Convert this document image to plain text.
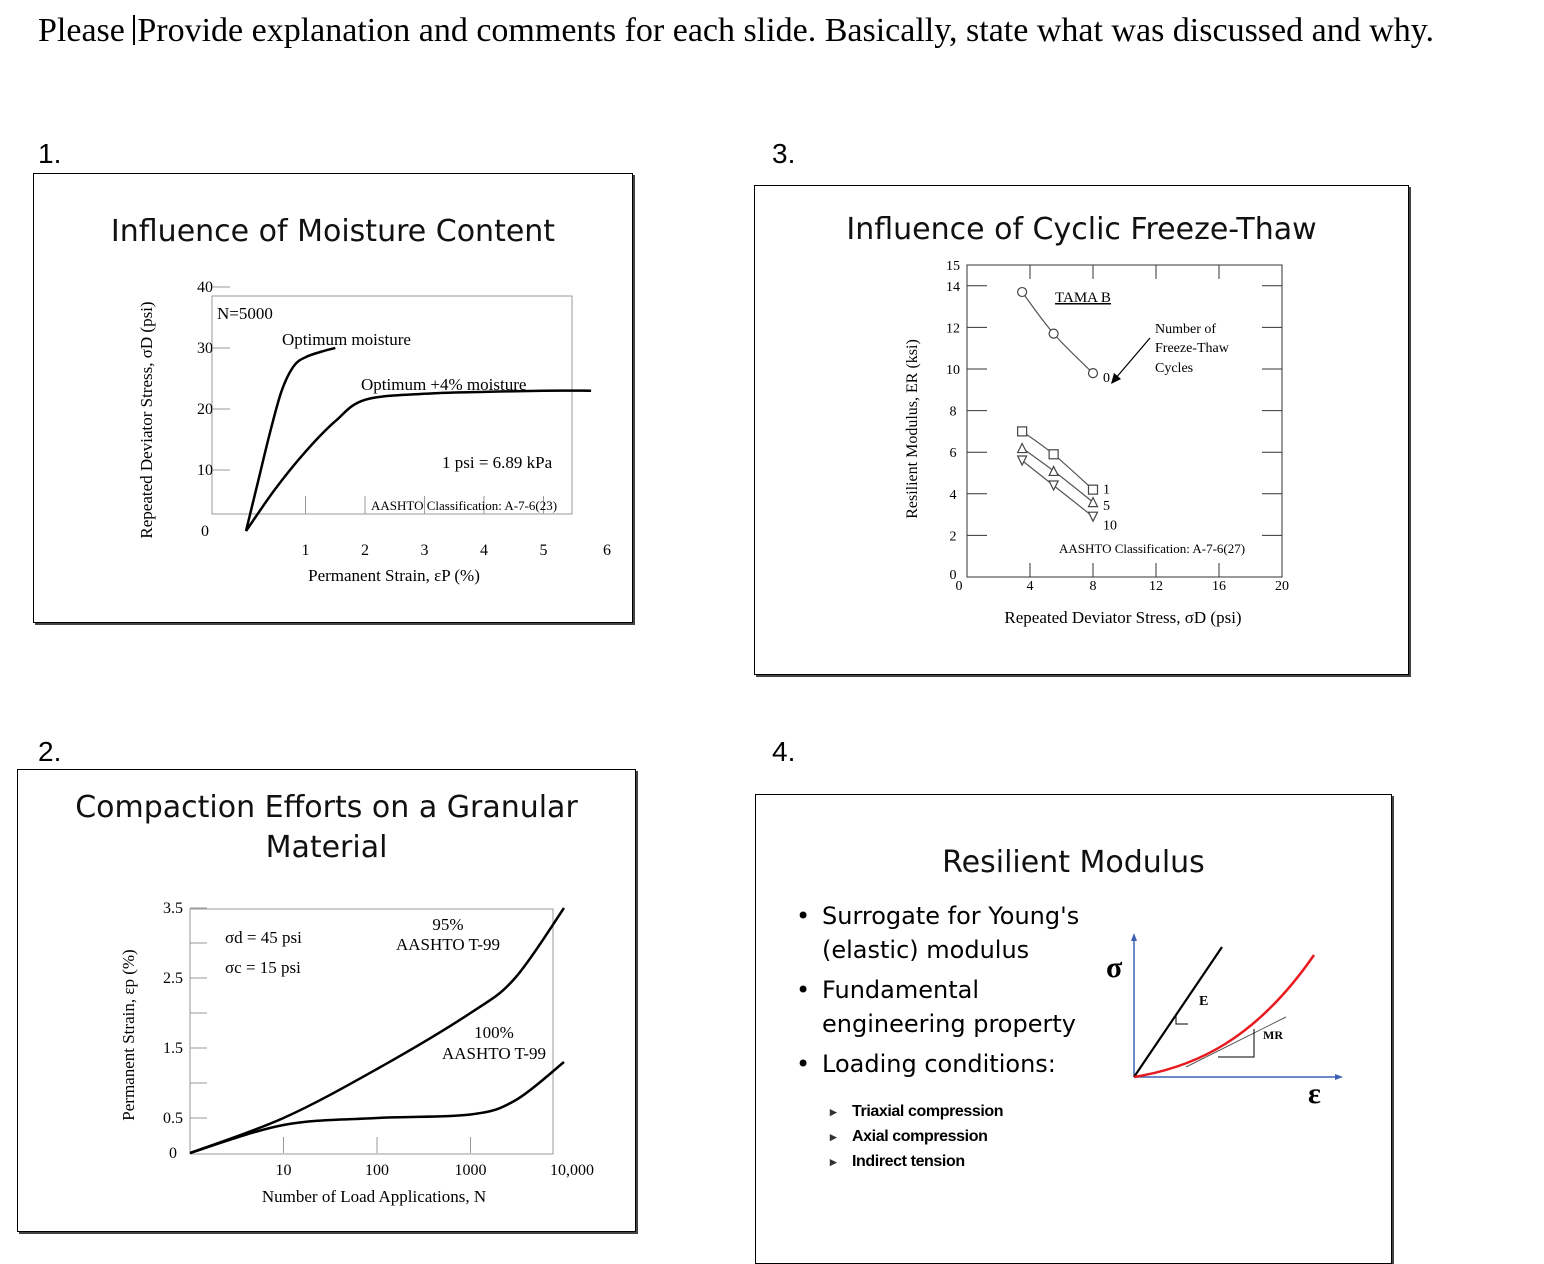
Please Provide explanation and comments for each slide. Basically, state what was discussed and why.
1.
2.
3.
4.
Influence of Moisture Content
0
10
20
30
40
1	2	3	4	5	6
Repeated Deviator Stress, σD (psi)
Permanent Strain, εP (%)
N=5000
Optimum moisture
Optimum +4% moisture
1 psi = 6.89 kPa
AASHTO Classification: A-7-6(23)
Compaction Efforts on a Granular Material
0
0.5
1.5
2.5
3.5
10	100	1000	10,000
Permanent Strain, εp (%)
Number of Load Applications, N
σd = 45 psi
σc = 15 psi
95%
AASHTO T-99
100%
AASHTO T-99
Influence of Cyclic Freeze-Thaw
2
4
6
8
10
12
14
15
0
0	4	8	12	16	20
0
1
5
10
Resilient Modulus, ER (ksi)
Repeated Deviator Stress, σD (psi)
TAMA B
Number of
Freeze-Thaw
Cycles
AASHTO Classification: A-7-6(27)
Resilient Modulus
• Surrogate for Young's (elastic) modulus
• Fundamental engineering property
• Loading conditions:
▸ Triaxial compression
▸ Axial compression
▸ Indirect tension
σ
ε
E
MR
